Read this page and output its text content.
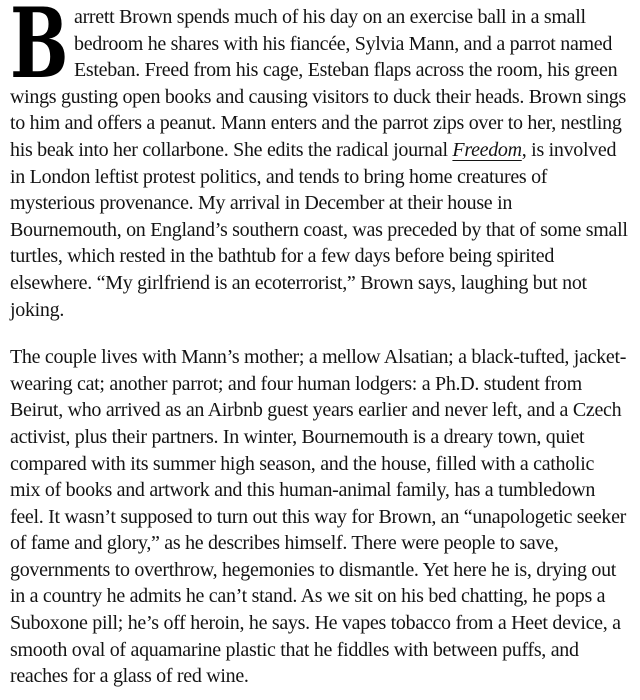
Barrett Brown spends much of his day on an exercise ball in a small bedroom he shares with his fiancée, Sylvia Mann, and a parrot named Esteban. Freed from his cage, Esteban flaps across the room, his green wings gusting open books and causing visitors to duck their heads. Brown sings to him and offers a peanut. Mann enters and the parrot zips over to her, nestling his beak into her collarbone. She edits the radical journal Freedom, is involved in London leftist protest politics, and tends to bring home creatures of mysterious provenance. My arrival in December at their house in Bournemouth, on England’s southern coast, was preceded by that of some small turtles, which rested in the bathtub for a few days before being spirited elsewhere. “My girlfriend is an ecoterrorist,” Brown says, laughing but not joking.

The couple lives with Mann’s mother; a mellow Alsatian; a black-tufted, jacket-wearing cat; another parrot; and four human lodgers: a Ph.D. student from Beirut, who arrived as an Airbnb guest years earlier and never left, and a Czech activist, plus their partners. In winter, Bournemouth is a dreary town, quiet compared with its summer high season, and the house, filled with a catholic mix of books and artwork and this human-animal family, has a tumbledown feel. It wasn’t supposed to turn out this way for Brown, an “unapologetic seeker of fame and glory,” as he describes himself. There were people to save, governments to overthrow, hegemonies to dismantle. Yet here he is, drying out in a country he admits he can’t stand. As we sit on his bed chatting, he pops a Suboxone pill; he’s off heroin, he says. He vapes tobacco from a Heet device, a smooth oval of aquamarine plastic that he fiddles with between puffs, and reaches for a glass of red wine.
